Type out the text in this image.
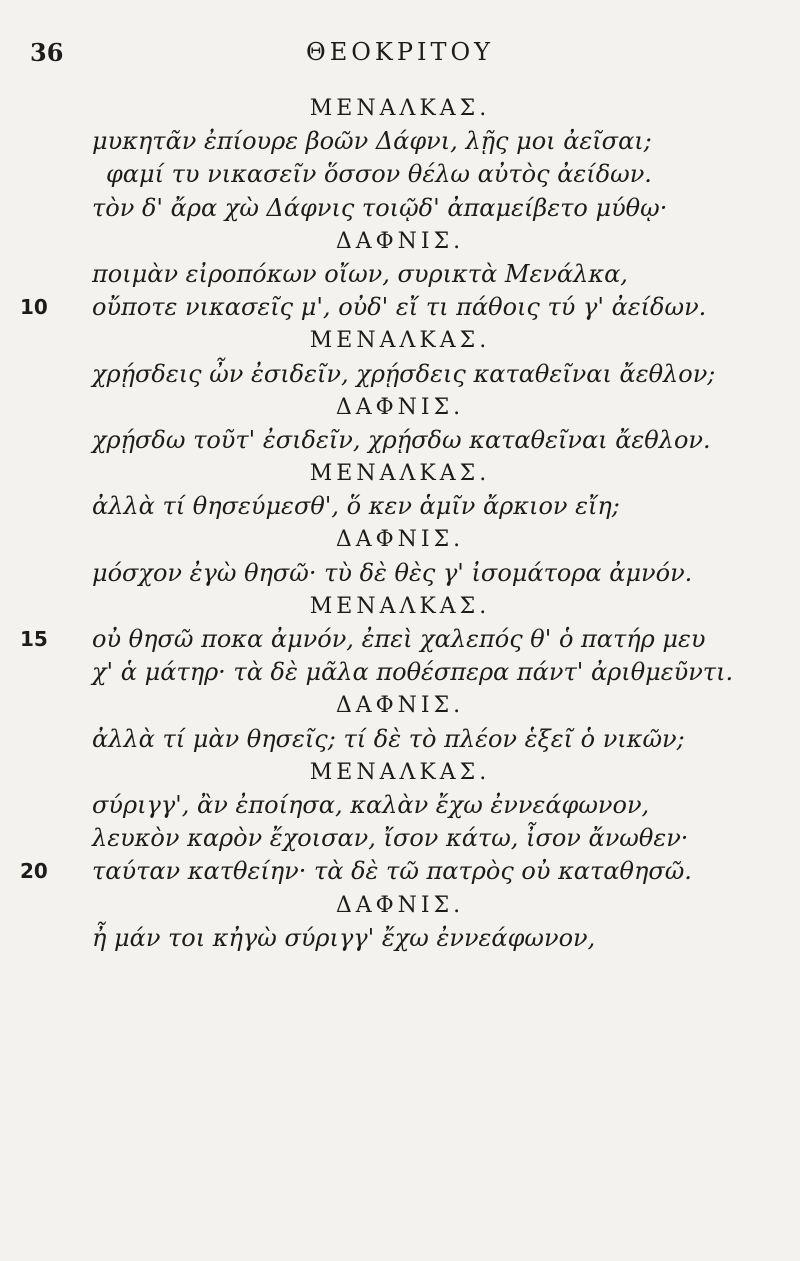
36	ΘΕΟΚΡΙΤΟΥ
ΜΕΝΑΛΚΑΣ.
μυκητᾶν ἐπίουρε βοῶν Δάφνι, λῇς μοι ἀεῖσαι;
φαμί τυ νικασεῖν ὅσσον θέλω αὐτὸς ἀείδων.
τὸν δ' ἄρα χὼ Δάφνις τοιῷδ' ἀπαμείβετο μύθῳ·
ΔΑΦΝΙΣ.
ποιμὰν εἰροπόκων οἴων, συρικτὰ Μενάλκα,
οὔποτε νικασεῖς μ', οὐδ' εἴ τι πάθοις τύ γ' ἀείδων.
10
ΜΕΝΑΛΚΑΣ.
χρῄσδεις ὦν ἐσιδεῖν, χρῄσδεις καταθεῖναι ἄεθλον;
ΔΑΦΝΙΣ.
χρῄσδω τοῦτ' ἐσιδεῖν, χρῄσδω καταθεῖναι ἄεθλον.
ΜΕΝΑΛΚΑΣ.
ἀλλὰ τί θησεύμεσθ', ὅ κεν ἁμῖν ἄρκιον εἴη;
ΔΑΦΝΙΣ.
μόσχον ἐγὼ θησῶ· τὺ δὲ θὲς γ' ἰσομάτορα ἀμνόν.
ΜΕΝΑΛΚΑΣ.
οὐ θησῶ ποκα ἀμνόν, ἐπεὶ χαλεπός θ' ὁ πατήρ μευ
15
χ' ἁ μάτηρ· τὰ δὲ μᾶλα ποθέσπερα πάντ' ἀριθμεῦντι.
ΔΑΦΝΙΣ.
ἀλλὰ τί μὰν θησεῖς; τί δὲ τὸ πλέον ἑξεῖ ὁ νικῶν;
ΜΕΝΑΛΚΑΣ.
σύριγγ', ἂν ἐποίησα, καλὰν ἔχω ἐννεάφωνον,
λευκὸν καρὸν ἔχοισαν, ἴσον κάτω, ἶσον ἄνωθεν·
ταύταν κατθείην· τὰ δὲ τῶ πατρὸς οὐ καταθησῶ.
20
ΔΑΦΝΙΣ.
ἦ μάν τοι κἠγὼ σύριγγ' ἔχω ἐννεάφωνον,
